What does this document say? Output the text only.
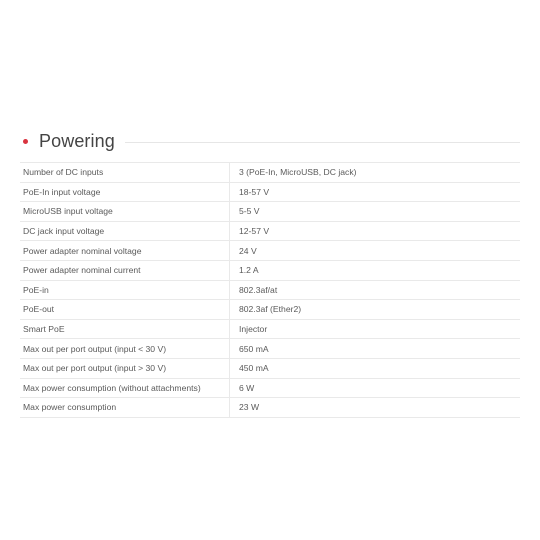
Powering
Number of DC inputs	3 (PoE-In, MicroUSB, DC jack)
PoE-In input voltage	18-57 V
MicroUSB input voltage	5-5 V
DC jack input voltage	12-57 V
Power adapter nominal voltage	24 V
Power adapter nominal current	1.2 A
PoE-in	802.3af/at
PoE-out	802.3af (Ether2)
Smart PoE	Injector
Max out per port output (input < 30 V)	650 mA
Max out per port output (input > 30 V)	450 mA
Max power consumption (without attachments)	6 W
Max power consumption	23 W
